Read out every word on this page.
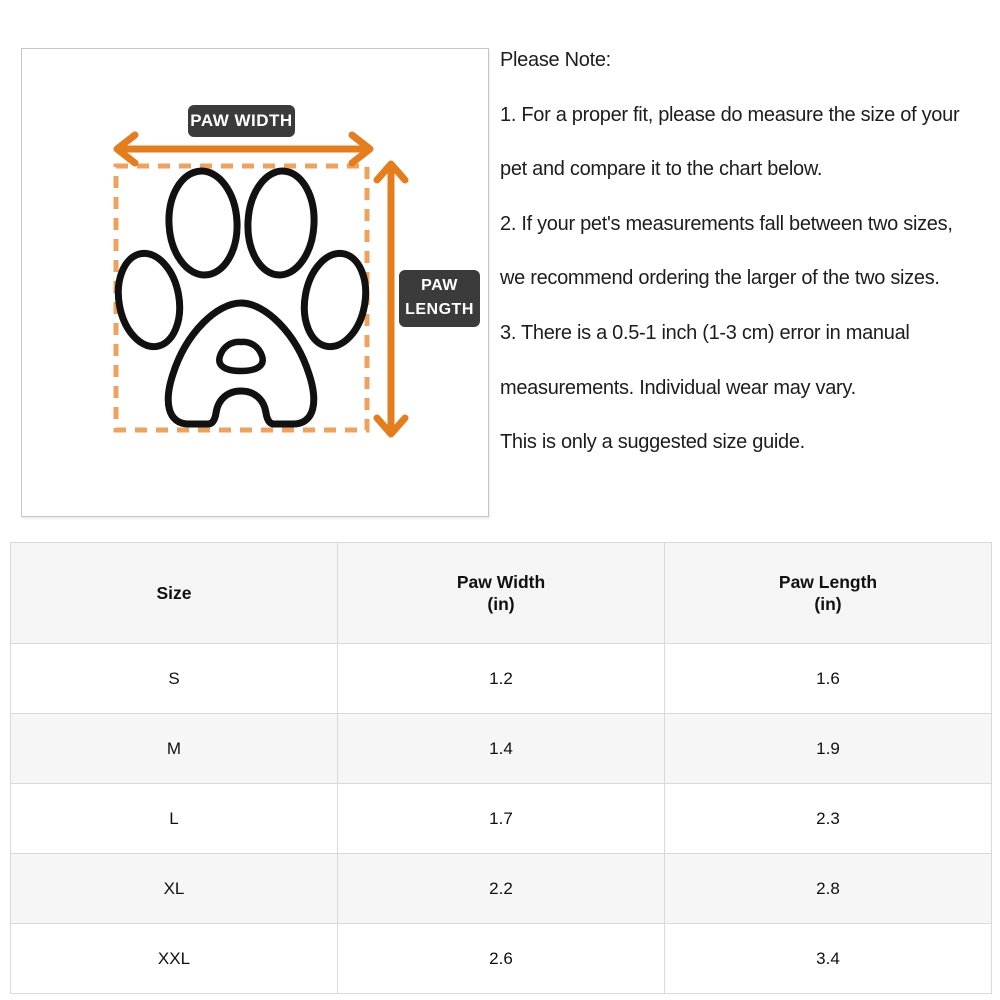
PAW WIDTH
PAW
LENGTH
Please Note:
1. For a proper fit, please do measure the size of your
pet and compare it to the chart below.
2. If your pet's measurements fall between two sizes,
we recommend ordering the larger of the two sizes.
3. There is a 0.5-1 inch (1-3 cm) error in manual
measurements. Individual wear may vary.
This is only a suggested size guide.
Size

Paw Width
(in)

Paw Length
(in)

S	1.2	1.6
M	1.4	1.9
L	1.7	2.3
XL	2.2	2.8
XXL	2.6	3.4
